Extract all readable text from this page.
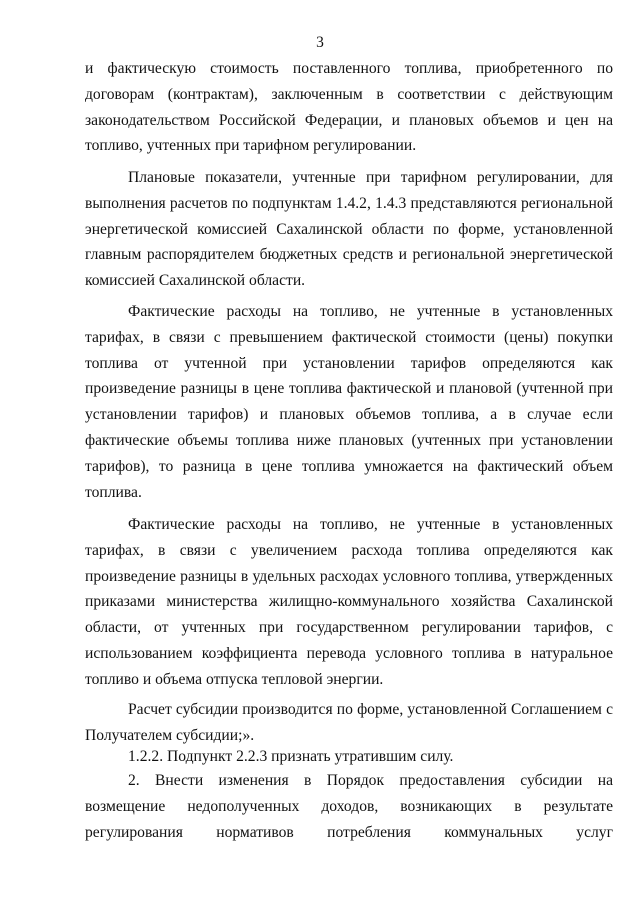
3

и фактическую стоимость поставленного топлива, приобретенного по договорам (контрактам), заключенным в соответствии с действующим законодательством Российской Федерации, и плановых объемов и цен на топливо, учтенных при тарифном регулировании.

Плановые показатели, учтенные при тарифном регулировании, для выполнения расчетов по подпунктам 1.4.2, 1.4.3 представляются региональной энергетической комиссией Сахалинской области по форме, установленной главным распорядителем бюджетных средств и региональной энергетической комиссией Сахалинской области.

Фактические расходы на топливо, не учтенные в установленных тарифах, в связи с превышением фактической стоимости (цены) покупки топлива от учтенной при установлении тарифов определяются как произведение разницы в цене топлива фактической и плановой (учтенной при установлении тарифов) и плановых объемов топлива, а в случае если фактические объемы топлива ниже плановых (учтенных при установлении тарифов), то разница в цене топлива умножается на фактический объем топлива.

Фактические расходы на топливо, не учтенные в установленных тарифах, в связи с увеличением расхода топлива определяются как произведение разницы в удельных расходах условного топлива, утвержденных приказами министерства жилищно-коммунального хозяйства Сахалинской области, от учтенных при государственном регулировании тарифов, с использованием коэффициента перевода условного топлива в натуральное топливо и объема отпуска тепловой энергии.

Расчет субсидии производится по форме, установленной Соглашением с Получателем субсидии;».

1.2.2. Подпункт 2.2.3 признать утратившим силу.

2. Внести изменения в Порядок предоставления субсидии на возмещение недополученных доходов, возникающих в результате регулирования нормативов потребления коммунальных услуг
